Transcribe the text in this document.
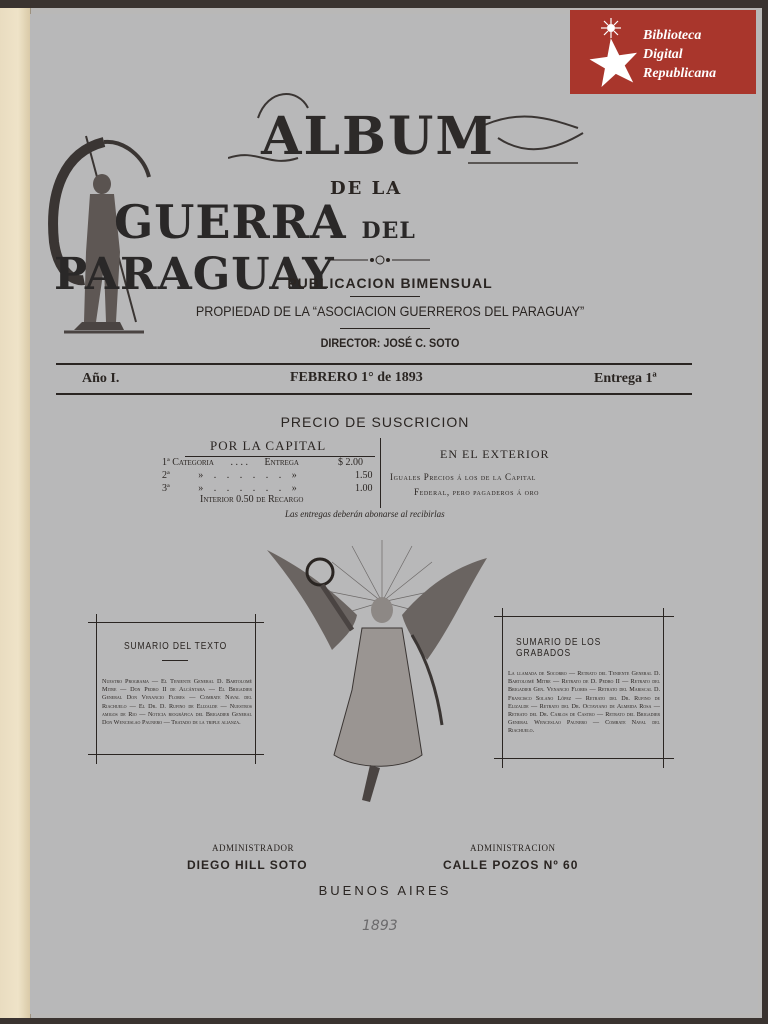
Biblioteca
Digital
Republicana
ALBUM
DE LA
GUERRA DEL PARAGUAY
PUBLICACION BIMENSUAL
PROPIEDAD DE LA “ASOCIACION GUERREROS DEL PARAGUAY”
DIRECTOR: JOSÉ C. SOTO
Año I.	FEBRERO 1° de 1893	Entrega 1ª
PRECIO DE SUSCRICION
POR LA CAPITAL
1ª Categoria . . . . Entrega	$ 2.00
2ª	» . . . . . . »	1.50
3ª	» . . . . . . »	1.00
Interior 0.50 de Recargo
EN EL EXTERIOR
Iguales Precios á los de la Capital
Federal, pero pagaderos á oro
Las entregas deberán abonarse al recibirlas
SUMARIO DEL TEXTO
Nuestro Programa — El Teniente General D. Bartolomé Mitre — Don Pedro II de Alcántara — El Brigadier General Don Venancio Flores — Combate Naval del Riachuelo — El Dr. D. Rufino de Elizalde — Nuestros amigos de Rio — Noticia biográfica del Brigadier General Don Wenceslao Paunero — Tratado de la triple alianza.
SUMARIO DE LOS GRABADOS
La llamada de Socorro — Retrato del Teniente General D. Bartolomé Mitre — Retrato de D. Pedro II — Retrato del Brigadier Gen. Venancio Flores — Retrato del Mariscal D. Francisco Solano López — Retrato del Dr. Rufino de Elizalde — Retrato del Dr. Octaviano de Almeida Rosa — Retrato del Dr. Carlos de Castro — Retrato del Brigadier General Wenceslao Paunero — Combate Naval del Riachuelo.
ADMINISTRADOR
DIEGO HILL SOTO
ADMINISTRACION
CALLE POZOS Nº 60
BUENOS AIRES
1893
